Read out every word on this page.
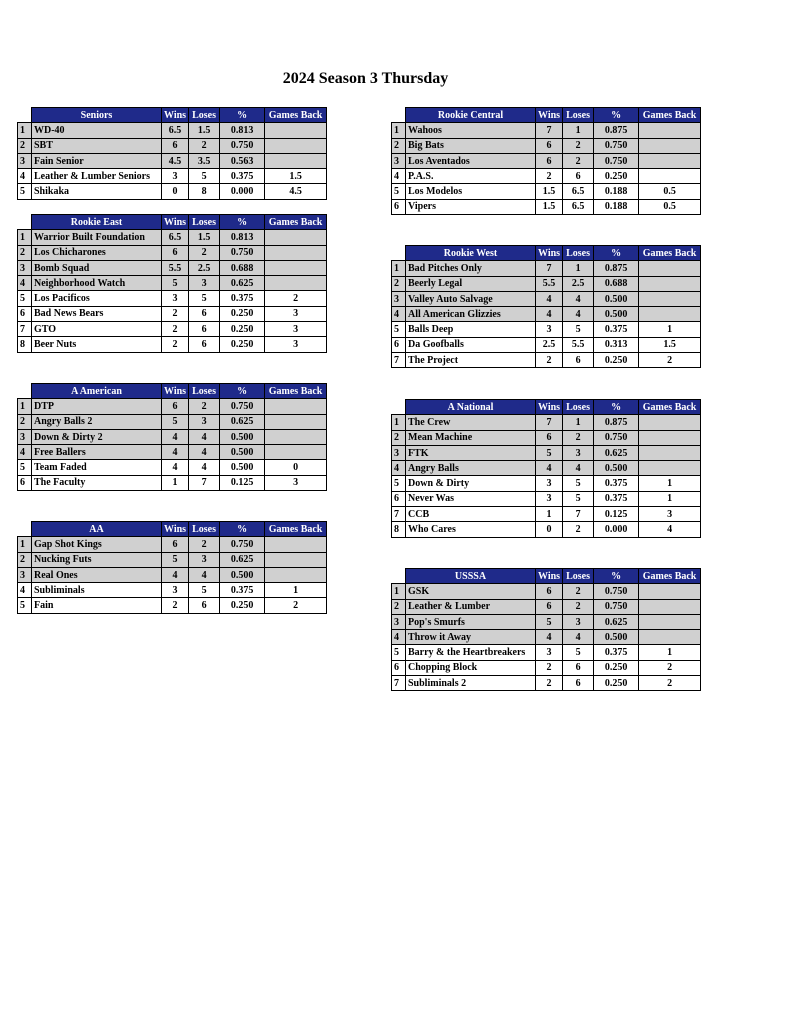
2024 Season 3 Thursday
	Seniors	Wins	Loses	%	Games Back
1	WD-40	6.5	1.5	0.813	
2	SBT	6	2	0.750	
3	Fain Senior	4.5	3.5	0.563	
4	Leather & Lumber Seniors	3	5	0.375	1.5
5	Shikaka	0	8	0.000	4.5
	Rookie East	Wins	Loses	%	Games Back
1	Warrior Built Foundation	6.5	1.5	0.813	
2	Los Chicharones	6	2	0.750	
3	Bomb Squad	5.5	2.5	0.688	
4	Neighborhood Watch	5	3	0.625	
5	Los Pacificos	3	5	0.375	2
6	Bad News Bears	2	6	0.250	3
7	GTO	2	6	0.250	3
8	Beer Nuts	2	6	0.250	3
	A American	Wins	Loses	%	Games Back
1	DTP	6	2	0.750	
2	Angry Balls 2	5	3	0.625	
3	Down & Dirty 2	4	4	0.500	
4	Free Ballers	4	4	0.500	
5	Team Faded	4	4	0.500	0
6	The Faculty	1	7	0.125	3
	AA	Wins	Loses	%	Games Back
1	Gap Shot Kings	6	2	0.750	
2	Nucking Futs	5	3	0.625	
3	Real Ones	4	4	0.500	
4	Subliminals	3	5	0.375	1
5	Fain	2	6	0.250	2
	Rookie Central	Wins	Loses	%	Games Back
1	Wahoos	7	1	0.875	
2	Big Bats	6	2	0.750	
3	Los Aventados	6	2	0.750	
4	P.A.S.	2	6	0.250	
5	Los Modelos	1.5	6.5	0.188	0.5
6	Vipers	1.5	6.5	0.188	0.5
	Rookie West	Wins	Loses	%	Games Back
1	Bad Pitches Only	7	1	0.875	
2	Beerly Legal	5.5	2.5	0.688	
3	Valley Auto Salvage	4	4	0.500	
4	All American Glizzies	4	4	0.500	
5	Balls Deep	3	5	0.375	1
6	Da Goofballs	2.5	5.5	0.313	1.5
7	The Project	2	6	0.250	2
	A National	Wins	Loses	%	Games Back
1	The Crew	7	1	0.875	
2	Mean Machine	6	2	0.750	
3	FTK	5	3	0.625	
4	Angry Balls	4	4	0.500	
5	Down & Dirty	3	5	0.375	1
6	Never Was	3	5	0.375	1
7	CCB	1	7	0.125	3
8	Who Cares	0	2	0.000	4
	USSSA	Wins	Loses	%	Games Back
1	GSK	6	2	0.750	
2	Leather & Lumber	6	2	0.750	
3	Pop's Smurfs	5	3	0.625	
4	Throw it Away	4	4	0.500	
5	Barry & the Heartbreakers	3	5	0.375	1
6	Chopping Block	2	6	0.250	2
7	Subliminals 2	2	6	0.250	2
